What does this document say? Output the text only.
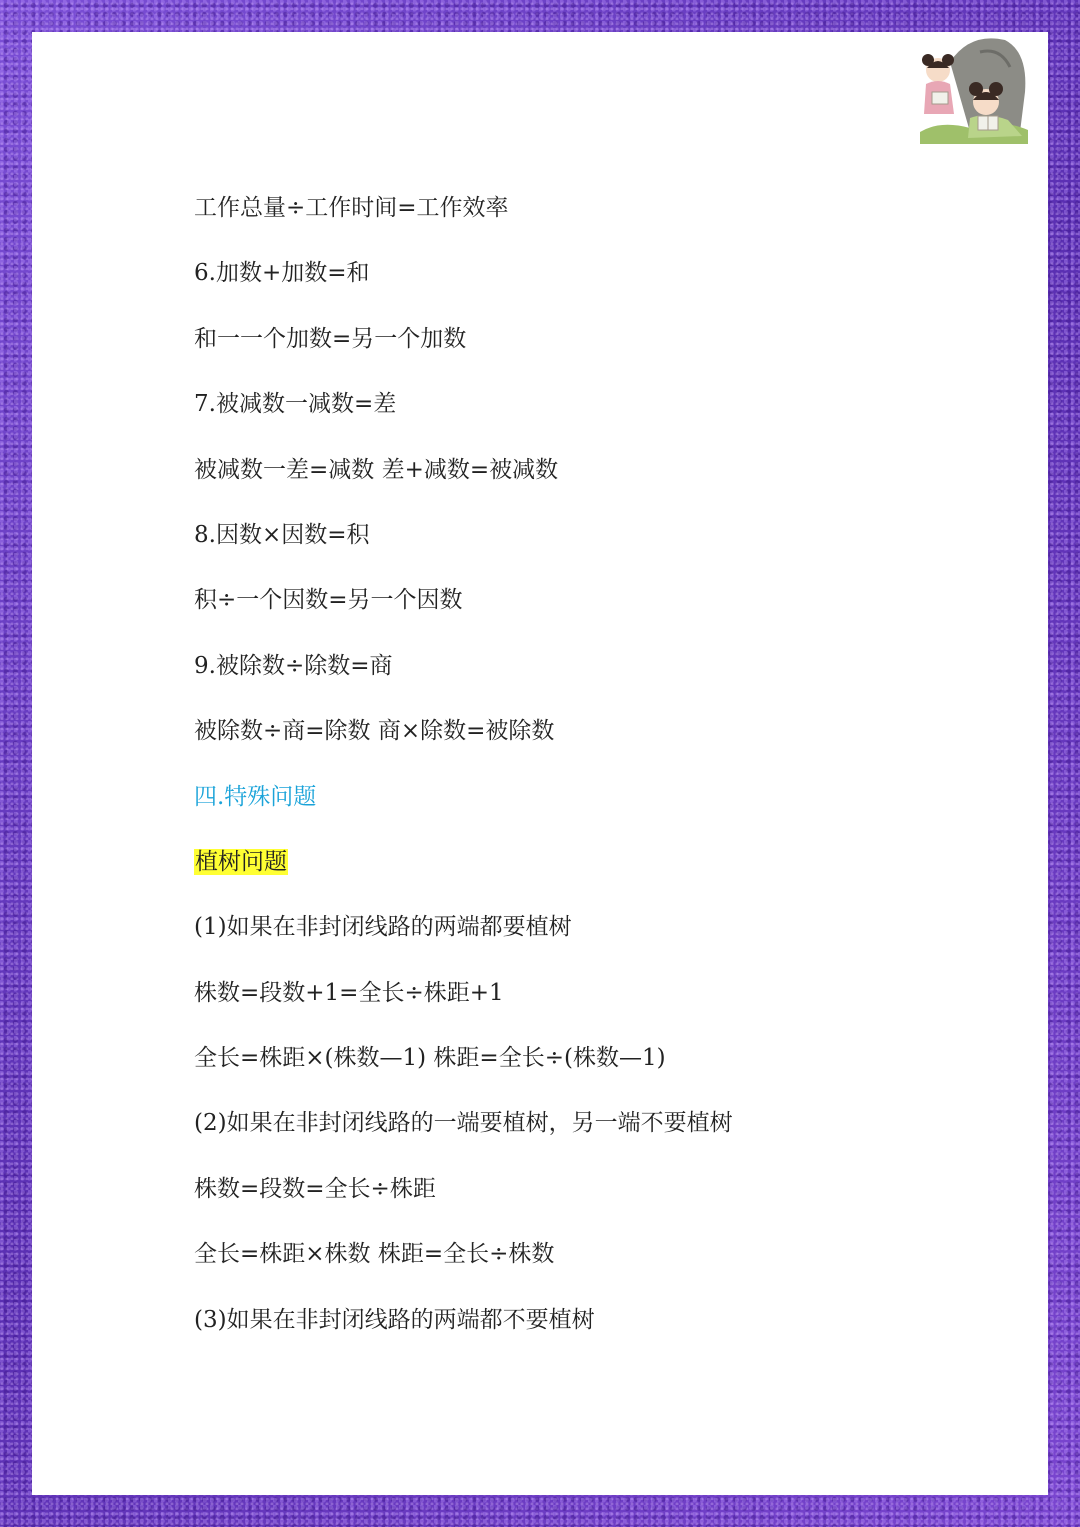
工作总量÷工作时间=工作效率
6.加数+加数=和
和一一个加数=另一个加数
7.被减数一减数=差
被减数一差=减数 差+减数=被减数
8.因数×因数=积
积÷一个因数=另一个因数
9.被除数÷除数=商
被除数÷商=除数 商×除数=被除数
四.特殊问题
植树问题
(1)如果在非封闭线路的两端都要植树
株数=段数+1=全长÷株距+1
全长=株距×(株数—1) 株距=全长÷(株数—1)
(2)如果在非封闭线路的一端要植树，另一端不要植树
株数=段数=全长÷株距
全长=株距×株数 株距=全长÷株数
(3)如果在非封闭线路的两端都不要植树
